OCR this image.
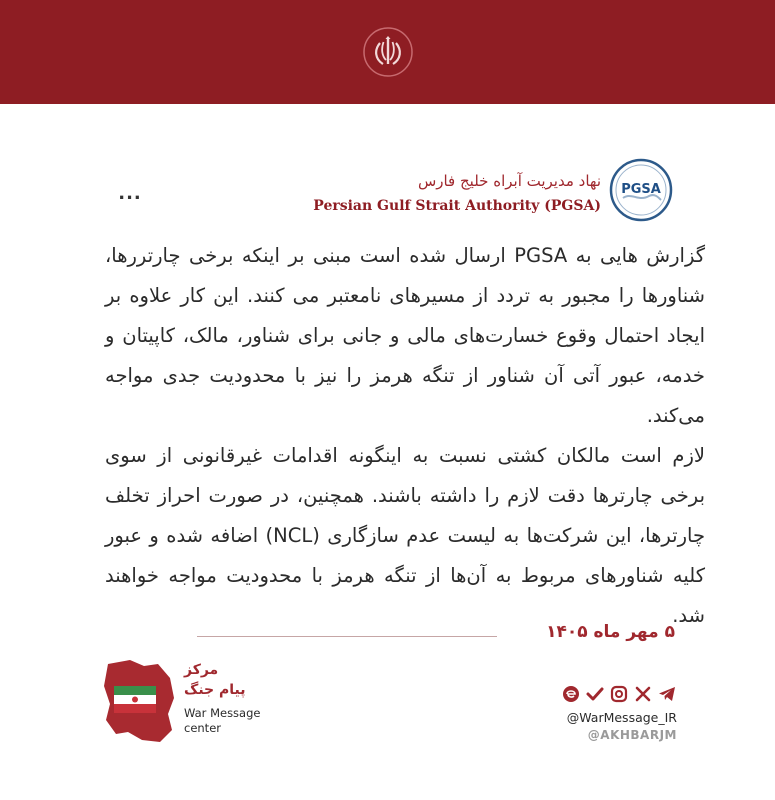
...
نهاد مدیریت آبراه خلیج فارس
Persian Gulf Strait Authority (PGSA)
PGSA

گزارش هایی به PGSA ارسال شده است مبنی بر اینکه برخی چارتررها، شناورها را مجبور به تردد از مسیرهای نامعتبر می کنند. این کار علاوه بر ایجاد احتمال وقوع خسارت‌های مالی و جانی برای شناور، مالک، کاپیتان و خدمه، عبور آتی آن شناور از تنگه هرمز را نیز با محدودیت جدی مواجه می‌کند.

لازم است مالکان کشتی نسبت به اینگونه اقدامات غیرقانونی از سوی برخی چارترها دقت لازم را داشته باشند. همچنین، در صورت احراز تخلف چارترها، این شرکت‌ها به لیست عدم سازگاری (NCL) اضافه شده و عبور کلیه شناورهای مربوط به آن‌ها از تنگه هرمز با محدودیت مواجه خواهند شد.

۵ مهر ماه ۱۴۰۵
مرکز
پیام جنگ
War Message
center
@WarMessage_IR
@AKHBARJM
